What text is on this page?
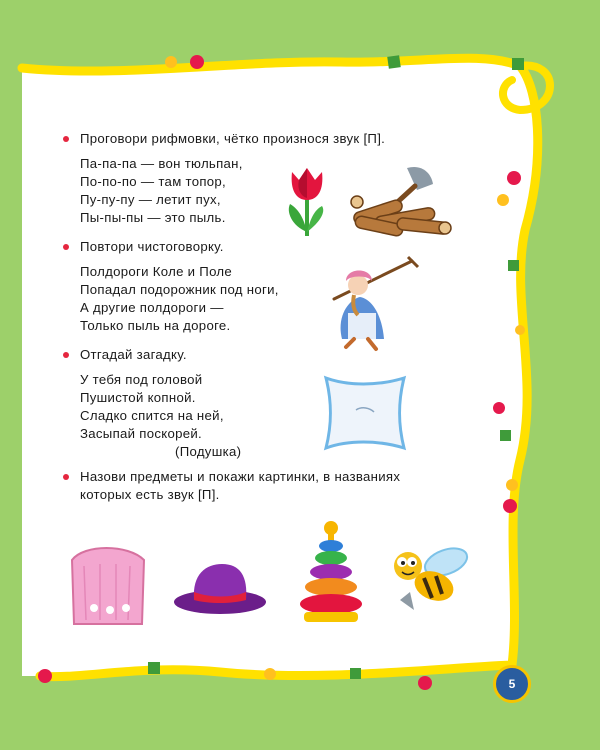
Проговори рифмовки, чётко произнося звук [П].
Па-па-па — вон тюльпан,
По-по-по — там топор,
Пу-пу-пу — летит пух,
Пы-пы-пы — это пыль.
Повтори чистоговорку.
Полдороги Коле и Поле
Попадал подорожник под ноги,
А другие полдороги —
Только пыль на дороге.
Отгадай загадку.
У тебя под головой
Пушистой копной.
Сладко спится на ней,
Засыпай поскорей.
(Подушка)
Назови предметы и покажи картинки, в названиях
которых есть звук [П].
5
